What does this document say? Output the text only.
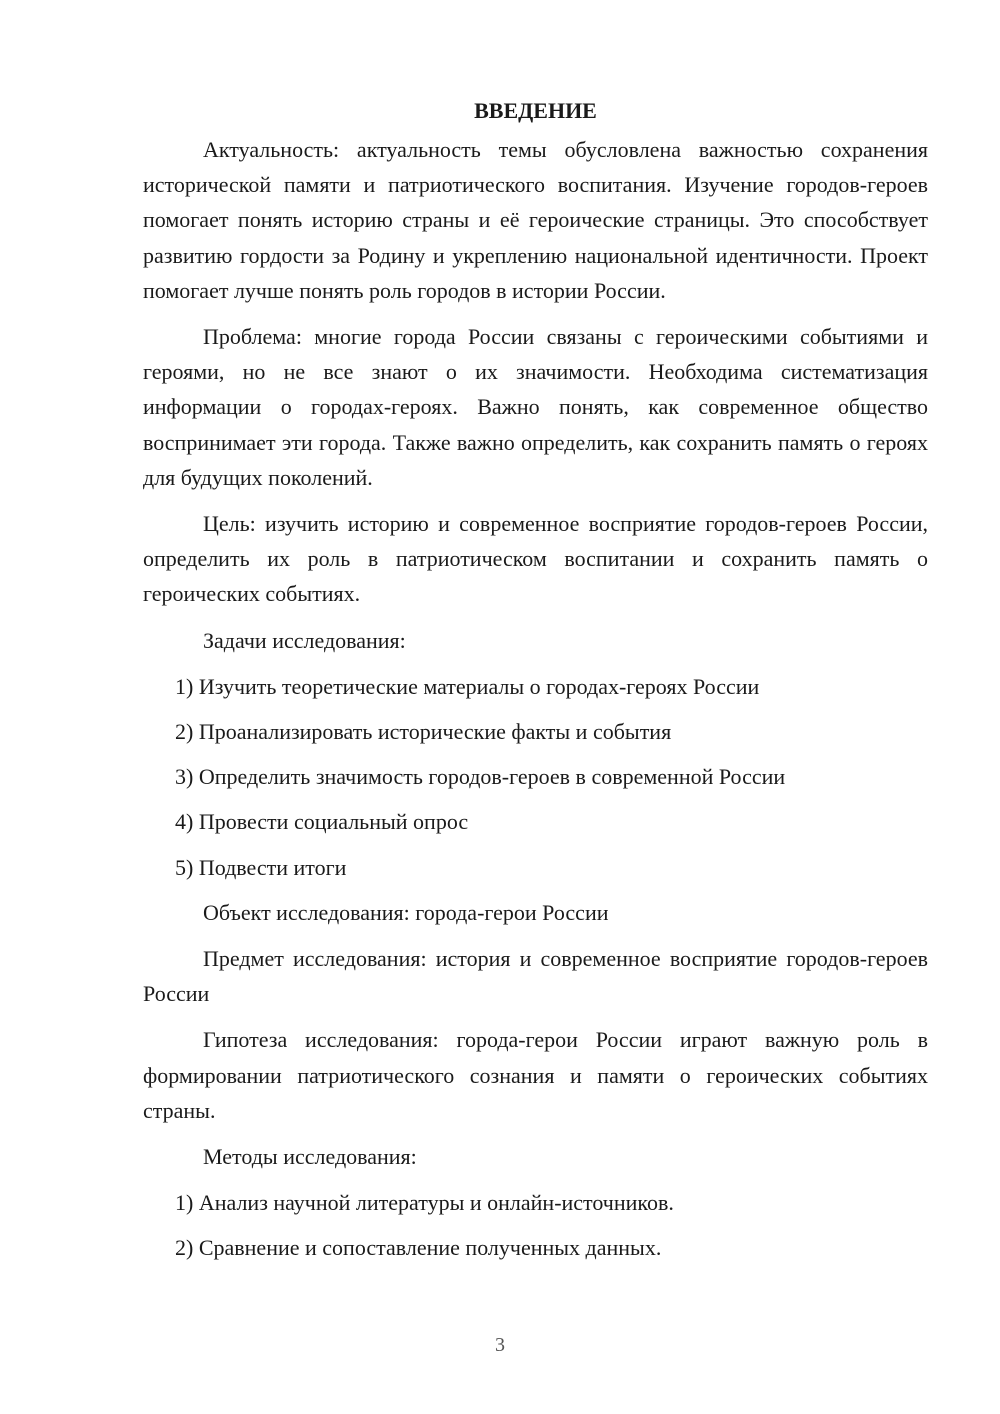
ВВЕДЕНИЕ

Актуальность: актуальность темы обусловлена важностью сохранения исторической памяти и патриотического воспитания. Изучение городов-героев помогает понять историю страны и её героические страницы. Это способствует развитию гордости за Родину и укреплению национальной идентичности. Проект помогает лучше понять роль городов в истории России.

Проблема: многие города России связаны с героическими событиями и героями, но не все знают о их значимости. Необходима систематизация информации о городах-героях. Важно понять, как современное общество воспринимает эти города. Также важно определить, как сохранить память о героях для будущих поколений.

Цель: изучить историю и современное восприятие городов-героев России, определить их роль в патриотическом воспитании и сохранить память о героических событиях.

Задачи исследования:

1) Изучить теоретические материалы о городах-героях России
2) Проанализировать исторические факты и события
3) Определить значимость городов-героев в современной России
4) Провести социальный опрос
5) Подвести итоги

Объект исследования: города-герои России

Предмет исследования: история и современное восприятие городов-героев России

Гипотеза исследования: города-герои России играют важную роль в формировании патриотического сознания и памяти о героических событиях страны.

Методы исследования:

1) Анализ научной литературы и онлайн-источников.
2) Сравнение и сопоставление полученных данных.
3
